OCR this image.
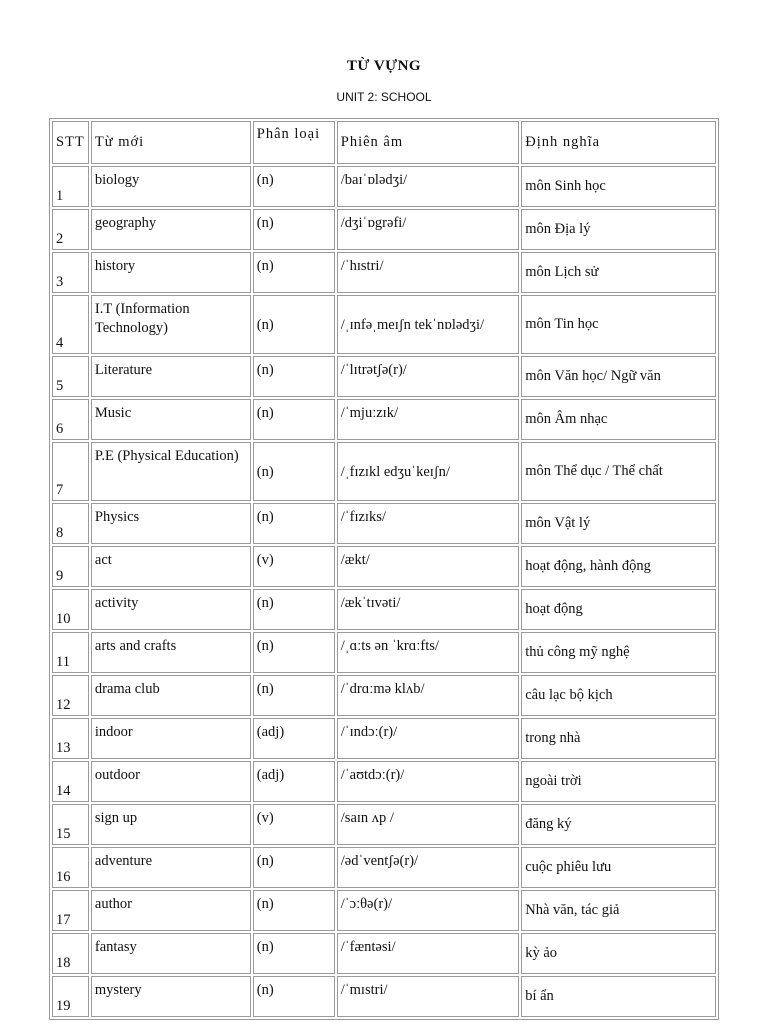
TỪ VỰNG
UNIT 2: SCHOOL
STT	Từ mới	Phân loại	Phiên âm	Định nghĩa
1	biology	(n)	/baɪˈɒlədʒi/	môn Sinh học
2	geography	(n)	/dʒiˈɒgrəfi/	môn Địa lý
3	history	(n)	/ˈhɪstri/	môn Lịch sử
4	I.T (Information Technology)	(n)	/ˌɪnfəˌmeɪʃn tekˈnɒlədʒi/	môn Tin học
5	Literature	(n)	/ˈlɪtrətʃə(r)/	môn Văn học/ Ngữ văn
6	Music	(n)	/ˈmjuːzɪk/	môn Âm nhạc
7	P.E (Physical Education)	(n)	/ˌfɪzɪkl edʒuˈkeɪʃn/	môn Thể dục / Thể chất
8	Physics	(n)	/ˈfɪzɪks/	môn Vật lý
9	act	(v)	/ækt/	hoạt động, hành động
10	activity	(n)	/ækˈtɪvəti/	hoạt động
11	arts and crafts	(n)	/ˌɑːts ən ˈkrɑːfts/	thủ công mỹ nghệ
12	drama club	(n)	/ˈdrɑːmə klʌb/	câu lạc bộ kịch
13	indoor	(adj)	/ˈɪndɔː(r)/	trong nhà
14	outdoor	(adj)	/ˈaʊtdɔː(r)/	ngoài trời
15	sign up	(v)	/saɪn ʌp /	đăng ký
16	adventure	(n)	/ədˈventʃə(r)/	cuộc phiêu lưu
17	author	(n)	/ˈɔːθə(r)/	Nhà văn, tác giả
18	fantasy	(n)	/ˈfæntəsi/	kỳ ảo
19	mystery	(n)	/ˈmɪstri/	bí ẩn
